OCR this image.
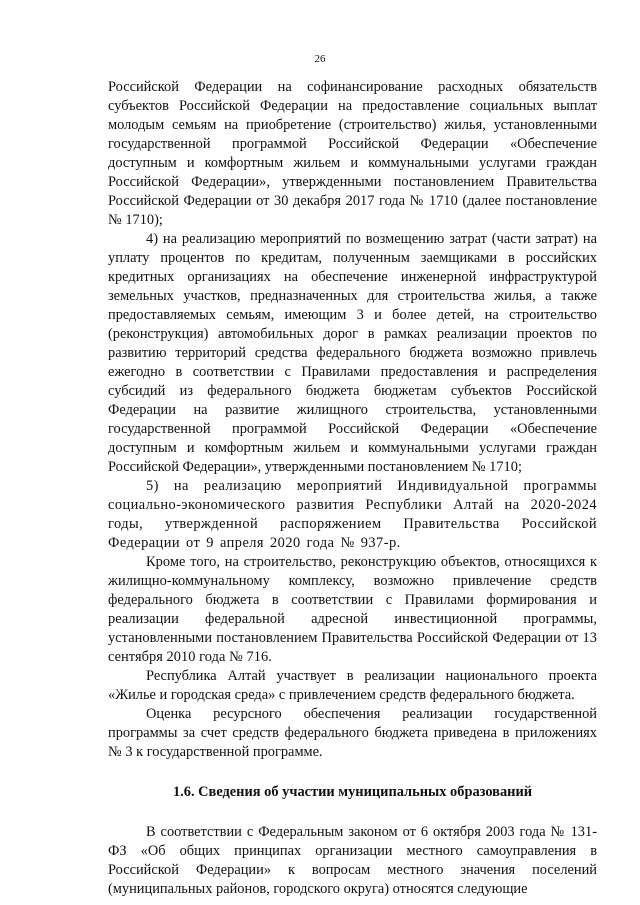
26

Российской Федерации на софинансирование расходных обязательств субъектов Российской Федерации на предоставление социальных выплат молодым семьям на приобретение (строительство) жилья, установленными государственной программой Российской Федерации «Обеспечение доступным и комфортным жильем и коммунальными услугами граждан Российской Федерации», утвержденными постановлением Правительства Российской Федерации от 30 декабря 2017 года № 1710 (далее постановление № 1710);

4) на реализацию мероприятий по возмещению затрат (части затрат) на уплату процентов по кредитам, полученным заемщиками в российских кредитных организациях на обеспечение инженерной инфраструктурой земельных участков, предназначенных для строительства жилья, а также предоставляемых семьям, имеющим 3 и более детей, на строительство (реконструкция) автомобильных дорог в рамках реализации проектов по развитию территорий средства федерального бюджета возможно привлечь ежегодно в соответствии с Правилами предоставления и распределения субсидий из федерального бюджета бюджетам субъектов Российской Федерации на развитие жилищного строительства, установленными государственной программой Российской Федерации «Обеспечение доступным и комфортным жильем и коммунальными услугами граждан Российской Федерации», утвержденными постановлением № 1710;

5) на реализацию мероприятий Индивидуальной программы социально-экономического развития Республики Алтай на 2020-2024 годы, утвержденной распоряжением Правительства Российской Федерации от 9 апреля 2020 года № 937-р.

Кроме того, на строительство, реконструкцию объектов, относящихся к жилищно-коммунальному комплексу, возможно привлечение средств федерального бюджета в соответствии с Правилами формирования и реализации федеральной адресной инвестиционной программы, установленными постановлением Правительства Российской Федерации от 13 сентября 2010 года № 716.

Республика Алтай участвует в реализации национального проекта «Жилье и городская среда» с привлечением средств федерального бюджета.

Оценка ресурсного обеспечения реализации государственной программы за счет средств федерального бюджета приведена в приложениях № 3 к государственной программе.

1.6. Сведения об участии муниципальных образований

В соответствии с Федеральным законом от 6 октября 2003 года № 131-ФЗ «Об общих принципах организации местного самоуправления в Российской Федерации» к вопросам местного значения поселений (муниципальных районов, городского округа) относятся следующие
